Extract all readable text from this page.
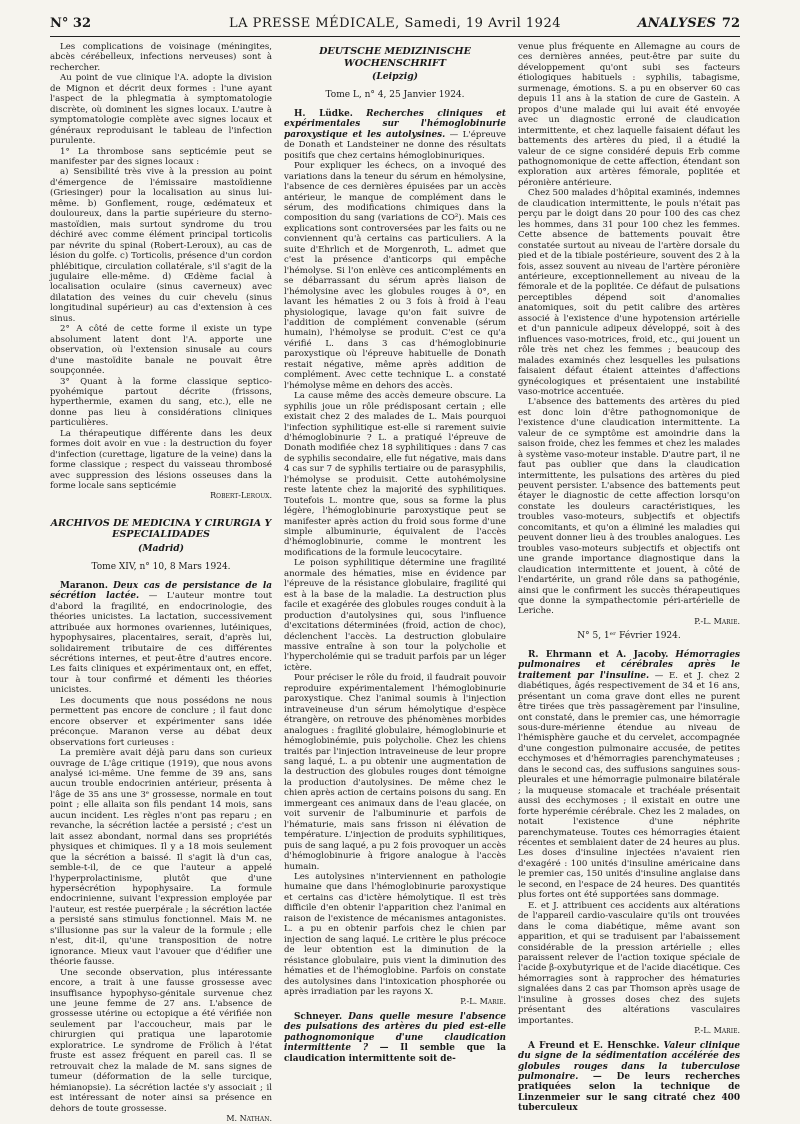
N° 32	LA PRESSE MÉDICALE, Samedi, 19 Avril 1924	ANALYSES 72

Les complications de voisinage (méningites, abcès cérébelleux, infections nerveuses) sont à rechercher.

Au point de vue clinique l'A. adopte la division de Mignon et décrit deux formes : l'une ayant l'aspect de la phlegmatia à symptomatologie discrète, où dominent les signes locaux. L'autre à symptomatologie complète avec signes locaux et généraux reproduisant le tableau de l'infection purulente.

1° La thrombose sans septicémie peut se manifester par des signes locaux :

a) Sensibilité très vive à la pression au point d'émergence de l'émissaire mastoïdienne (Griesinger) pour la localisation au sinus lui-même. b) Gonflement, rouge, œdémateux et douloureux, dans la partie supérieure du sterno-mastoïdien, mais surtout syndrome du trou déchiré avec comme élément principal torticolis par névrite du spinal (Robert-Leroux), au cas de lésion du golfe. c) Torticolis, présence d'un cordon phlébitique, circulation collatérale, s'il s'agit de la jugulaire elle-même. d) Œdème facial à localisation oculaire (sinus caverneux) avec dilatation des veines du cuir chevelu (sinus longitudinal supérieur) au cas d'extension à ces sinus.

2° A côté de cette forme il existe un type absolument latent dont l'A. apporte une observation, où l'extension sinusale au cours d'une mastoïdite banale ne pouvait être soupçonnée.

3° Quant à la forme classique septico-pyohémique partout décrite (frissons, hyperthermie, examen du sang, etc.), elle ne donne pas lieu à considérations cliniques particulières.

La thérapeutique différente dans les deux formes doit avoir en vue : la destruction du foyer d'infection (curettage, ligature de la veine) dans la forme classique ; respect du vaisseau thrombosé avec suppression des lésions osseuses dans la forme locale sans septicémie

Robert-Leroux.

ARCHIVOS DE MEDICINA Y CIRURGIA Y ESPECIALIDADES
(Madrid)
Tome XIV, n° 10, 8 Mars 1924.

Maranon. Deux cas de persistance de la sécrétion lactée. — L'auteur montre tout d'abord la fragilité, en endocrinologie, des théories unicistes. La lactation, successivement attribuée aux hormones ovariennes, lutéiniques, hypophysaires, placentaires, serait, d'après lui, solidairement tributaire de ces différentes sécrétions internes, et peut-être d'autres encore. Les faits cliniques et expérimentaux ont, en effet, tour à tour confirmé et démenti les théories unicistes.

Les documents que nous possédons ne nous permettent pas encore de conclure ; il faut donc encore observer et expérimenter sans idée préconçue. Maranon verse au débat deux observations fort curieuses :

La première avait déjà paru dans son curieux ouvrage de L'âge critique (1919), que nous avons analysé ici-même. Une femme de 39 ans, sans aucun trouble endocrinien antérieur, présenta à l'âge de 35 ans une 3ᵉ grossesse, normale en tout point ; elle allaita son fils pendant 14 mois, sans aucun incident. Les règles n'ont pas reparu ; en revanche, la sécrétion lactée a persisté ; c'est un lait assez abondant, normal dans ses propriétés physiques et chimiques. Il y a 18 mois seulement que la sécrétion a baissé. Il s'agit là d'un cas, semble-t-il, de ce que l'auteur a appelé l'hyperprolactinisme, plutôt que d'une hypersécrétion hypophysaire. La formule endocrinienne, suivant l'expression employée par l'auteur, est restée puerpérale ; la sécrétion lactée a persisté sans stimulus fonctionnel. Mais M. ne s'illusionne pas sur la valeur de la formule ; elle n'est, dit-il, qu'une transposition de notre ignorance. Mieux vaut l'avouer que d'édifier une théorie fausse.

Une seconde observation, plus intéressante encore, a trait à une fausse grossesse avec insuffisance hypophyso-génitale survenue chez une jeune femme de 27 ans. L'absence de grossesse utérine ou ectopique a été vérifiée non seulement par l'accoucheur, mais par le chirurgien qui pratiqua une laparotomie exploratrice. Le syndrome de Frölich à l'état fruste est assez fréquent en pareil cas. Il se retrouvait chez la malade de M. sans signes de tumeur (déformation de la selle turcique, hémianopsie). La sécrétion lactée s'y associait ; il est intéressant de noter ainsi sa présence en dehors de toute grossesse.

M. Nathan.

DEUTSCHE MEDIZINISCHE WOCHENSCHRIFT
(Leipzig)
Tome L, n° 4, 25 Janvier 1924.

H. Lüdke. Recherches cliniques et expérimentales sur l'hémoglobinurie paroxystique et les autolysines. — L'épreuve de Donath et Landsteiner ne donne des résultats positifs que chez certains hémoglobinuriques.

Pour expliquer les échecs, on a invoqué des variations dans la teneur du sérum en hémolysine, l'absence de ces dernières épuisées par un accès antérieur, le manque de complément dans le sérum, des modifications chimiques dans la composition du sang (variations de CO²). Mais ces explications sont controversées par les faits ou ne conviennent qu'à certains cas particuliers. A la suite d'Ehrlich et de Morgenroth, L. admet que c'est la présence d'anticorps qui empêche l'hémolyse. Si l'on enlève ces anticompléments en se débarrassant du sérum après liaison de l'hémolysine avec les globules rouges à 0°, en lavant les hématies 2 ou 3 fois à froid à l'eau physiologique, lavage qu'on fait suivre de l'addition de complément convenable (sérum humain), l'hémolyse se produit. C'est ce qu'a vérifié L. dans 3 cas d'hémoglobinurie paroxystique où l'épreuve habituelle de Donath restait négative, même après addition de complément. Avec cette technique L. a constaté l'hémolyse même en dehors des accès.

La cause même des accès demeure obscure. La syphilis joue un rôle prédisposant certain ; elle existait chez 2 des malades de L. Mais pourquoi l'infection syphilitique est-elle si rarement suivie d'hémoglobinurie ? L. a pratiqué l'épreuve de Donath modifiée chez 18 syphilitiques : dans 7 cas de syphilis secondaire, elle fut négative, mais dans 4 cas sur 7 de syphilis tertiaire ou de parasyphilis, l'hémolyse se produisit. Cette autohémolysine reste latente chez la majorité des syphilitiques. Toutefois L. montre que, sous sa forme la plus légère, l'hémoglobinurie paroxystique peut se manifester après action du froid sous forme d'une simple albuminurie, équivalent de l'accès d'hémoglobinurie, comme le montrent les modifications de la formule leucocytaire.

Le poison syphilitique détermine une fragilité anormale des hématies, mise en évidence par l'épreuve de la résistance globulaire, fragilité qui est à la base de la maladie. La destruction plus facile et exagérée des globules rouges conduit à la production d'autolysines qui, sous l'influence d'excitations déterminées (froid, action de choc), déclenchent l'accès. La destruction globulaire massive entraîne à son tour la polycholie et l'hypercholémie qui se traduit parfois par un léger ictère.

Pour préciser le rôle du froid, il faudrait pouvoir reproduire expérimentalement l'hémoglobinurie paroxystique. Chez l'animal soumis à l'injection intraveineuse d'un sérum hémolytique d'espèce étrangère, on retrouve des phénomènes morbides analogues : fragilité globulaire, hémoglobinurie et hémoglobinémie, puis polycholie. Chez les chiens traités par l'injection intraveineuse de leur propre sang laqué, L. a pu obtenir une augmentation de la destruction des globules rouges dont témoigne la production d'autolysines. De même chez le chien après action de certains poisons du sang. En immergeant ces animaux dans de l'eau glacée, on voit survenir de l'albuminurie et parfois de l'hématurie, mais sans frisson ni élévation de température. L'injection de produits syphilitiques, puis de sang laqué, a pu 2 fois provoquer un accès d'hémoglobinurie à frigore analogue à l'accès humain.

Les autolysines n'interviennent en pathologie humaine que dans l'hémoglobinurie paroxystique et certains cas d'ictère hémolytique. Il est très difficile d'en obtenir l'apparition chez l'animal en raison de l'existence de mécanismes antagonistes. L. a pu en obtenir parfois chez le chien par injection de sang laqué. Le critère le plus précoce de leur obtention est la diminution de la résistance globulaire, puis vient la diminution des hématies et de l'hémoglobine. Parfois on constate des autolysines dans l'intoxication phosphorée ou après irradiation par les rayons X.

P.-L. Marie.

Schneyer. Dans quelle mesure l'absence des pulsations des artères du pied est-elle pathognomonique d'une claudication intermittente ? — Il semble que la claudication intermittente soit de-

venue plus fréquente en Allemagne au cours de ces dernières années, peut-être par suite du développement qu'ont subi ses facteurs étiologiques habituels : syphilis, tabagisme, surmenage, émotions. S. a pu en observer 60 cas depuis 11 ans à la station de cure de Gastein. A propos d'une malade qui lui avait été envoyée avec un diagnostic erroné de claudication intermittente, et chez laquelle faisaient défaut les battements des artères du pied, il a étudié la valeur de ce signe considéré depuis Erb comme pathognomonique de cette affection, étendant son exploration aux artères fémorale, poplitée et péronière antérieure.

Chez 500 malades d'hôpital examinés, indemnes de claudication intermittente, le pouls n'était pas perçu par le doigt dans 20 pour 100 des cas chez les hommes, dans 31 pour 100 chez les femmes. Cette absence de battements pouvait être constatée surtout au niveau de l'artère dorsale du pied et de la tibiale postérieure, souvent des 2 à la fois, assez souvent au niveau de l'artère péronière antérieure, exceptionnellement au niveau de la fémorale et de la poplitée. Ce défaut de pulsations perceptibles dépend soit d'anomalies anatomiques, soit du petit calibre des artères associé à l'existence d'une hypotension artérielle et d'un pannicule adipeux développé, soit à des influences vaso-motrices, froid, etc., qui jouent un rôle très net chez les femmes ; beaucoup des malades examinés chez lesquelles les pulsations faisaient défaut étaient atteintes d'affections gynécologiques et présentaient une instabilité vaso-motrice accentuée.

L'absence des battements des artères du pied est donc loin d'être pathognomonique de l'existence d'une claudication intermittente. La valeur de ce symptôme est amoindrie dans la saison froide, chez les femmes et chez les malades à système vaso-moteur instable. D'autre part, il ne faut pas oublier que dans la claudication intermittente, les pulsations des artères du pied peuvent persister. L'absence des battements peut étayer le diagnostic de cette affection lorsqu'on constate les douleurs caractéristiques, les troubles vaso-moteurs, subjectifs et objectifs concomitants, et qu'on a éliminé les maladies qui peuvent donner lieu à des troubles analogues. Les troubles vaso-moteurs subjectifs et objectifs ont une grande importance diagnostique dans la claudication intermittente et jouent, à côté de l'endartérite, un grand rôle dans sa pathogénie, ainsi que le confirment les succès thérapeutiques que donne la sympathectomie péri-artérielle de Leriche.

P.-L. Marie.

N° 5, 1ᵉʳ Février 1924.

R. Ehrmann et A. Jacoby. Hémorragies pulmonaires et cérébrales après le traitement par l'insuline. — E. et J. chez 2 diabétiques, âgés respectivement de 34 et 16 ans, présentant un coma grave dont elles ne purent être tirées que très passagèrement par l'insuline, ont constaté, dans le premier cas, une hémorragie sous-dure-mérienne étendue au niveau de l'hémisphère gauche et du cervelet, accompagnée d'une congestion pulmonaire accusée, de petites ecchymoses et d'hémorragies parenchymateuses ; dans le second cas, des suffusions sanguines sous-pleurales et une hémorragie pulmonaire bilatérale ; la muqueuse stomacale et trachéale présentait aussi des ecchymoses ; il existait en outre une forte hyperémie cérébrale. Chez les 2 malades, on notait l'existence d'une néphrite parenchymateuse. Toutes ces hémorragies étaient récentes et semblaient dater de 24 heures au plus. Les doses d'insuline injectées n'avaient rien d'exagéré : 100 unités d'insuline américaine dans le premier cas, 150 unités d'insuline anglaise dans le second, en l'espace de 24 heures. Des quantités plus fortes ont été supportées sans dommage.

E. et J. attribuent ces accidents aux altérations de l'appareil cardio-vasculaire qu'ils ont trouvées dans le coma diabétique, même avant son apparition, et qui se traduisent par l'abaissement considérable de la pression artérielle ; elles paraissent relever de l'action toxique spéciale de l'acide β-oxybutyrique et de l'acide diacétique. Ces hémorragies sont à rapprocher des hématuries signalées dans 2 cas par Thomson après usage de l'insuline à grosses doses chez des sujets présentant des altérations vasculaires importantes.

P.-L. Marie.

A Freund et E. Henschke. Valeur clinique du signe de la sédimentation accélérée des globules rouges dans la tuberculose pulmonaire. — De leurs recherches pratiquées selon la technique de Linzenmeier sur le sang citraté chez 400 tuberculeux
